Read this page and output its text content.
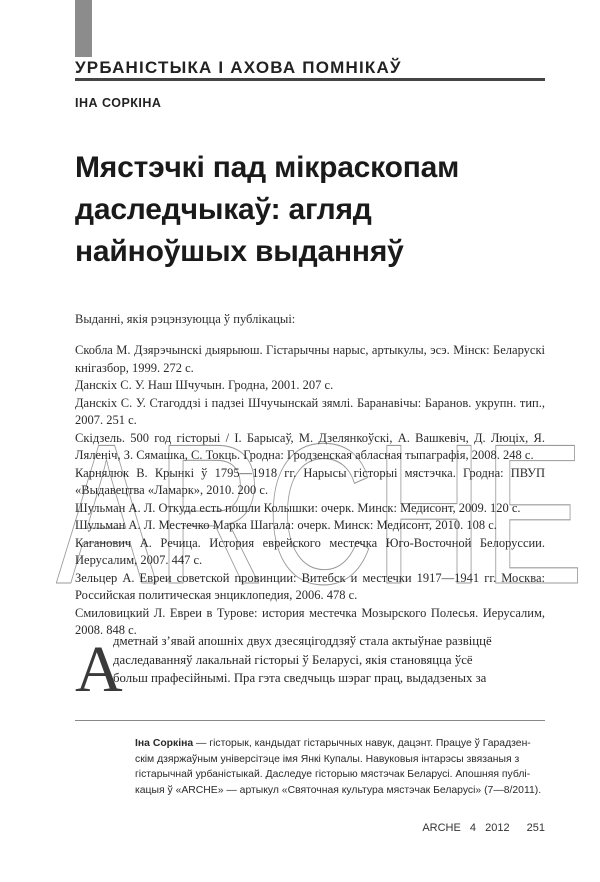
УРБАНІСТЫКА І АХОВА ПОМНІКАЎ
ІНА СОРКІНА
Мястэчкі пад мікраскопам
даследчыкаў: агляд
найноўшых выданняў
ARCHE
Выданні, якія рэцэнзуюцца ў публікацыі:

Скобла М. Дзярэчынскі дыярыюш. Гістарычны нарыс, артыкулы, эсэ. Мінск: Беларускі кнігазбор, 1999. 272 с.

Данскіх С. У. Наш Шчучын. Гродна, 2001. 207 с.

Данскіх С. У. Стагоддзі і падзеі Шчучынскай зямлі. Баранавічы: Баранов. укрупн. тип., 2007. 251 с.

Скідзель. 500 год гісторыі / І. Барысаў, М. Дзелянкоўскі, А. Вашкевіч, Д. Люціх, Я. Ляленіч, З. Сямашка, С. Токць. Гродна: Гродзенская абласная тыпаграфія, 2008. 248 с.

Карнялюк В. Крынкі ў 1795—1918 гг. Нарысы гісторыі мястэчка. Гродна: ПВУП «Выдавецтва «Ламарк», 2010. 200 с.

Шульман А. Л. Откуда есть пошли Колышки: очерк. Минск: Медисонт, 2009. 120 с.

Шульман А. Л. Местечко Марка Шагала: очерк. Минск: Медисонт, 2010. 108 с.

Каганович А. Речица. История еврейского местечка Юго-Восточной Белоруссии. Иерусалим, 2007. 447 с.

Зельцер А. Евреи советской провинции: Витебск и местечки 1917—1941 гг. Москва: Российская политическая энциклопедия, 2006. 478 с.

Смиловицкий Л. Евреи в Турове: история местечка Мозырского Полесья. Иерусалим, 2008. 848 с.

А
дметнай з’явай апошніх двух дзесяцігоддзяў стала актыўнае развіццё
даследаванняў лакальнай гісторыі ў Беларусі, якія становяцца ўсё
больш прафесійнымі. Пра гэта сведчыць шэраг прац, выдадзеных за
Іна Соркіна — гісторык, кандыдат гістарычных навук, дацэнт. Працуе ў Гарадзен-
скім дзяржаўным універсітэце імя Янкі Купалы. Навуковыя інтарэсы звязаныя з
гістарычнай урбаністыкай. Даследуе гісторыю мястэчак Беларусі. Апошняя публі-
кацыя ў «ARCHE» — артыкул «Святочная культура мястэчак Беларусі» (7—8/2011).
ARCHE 4 2012 251
